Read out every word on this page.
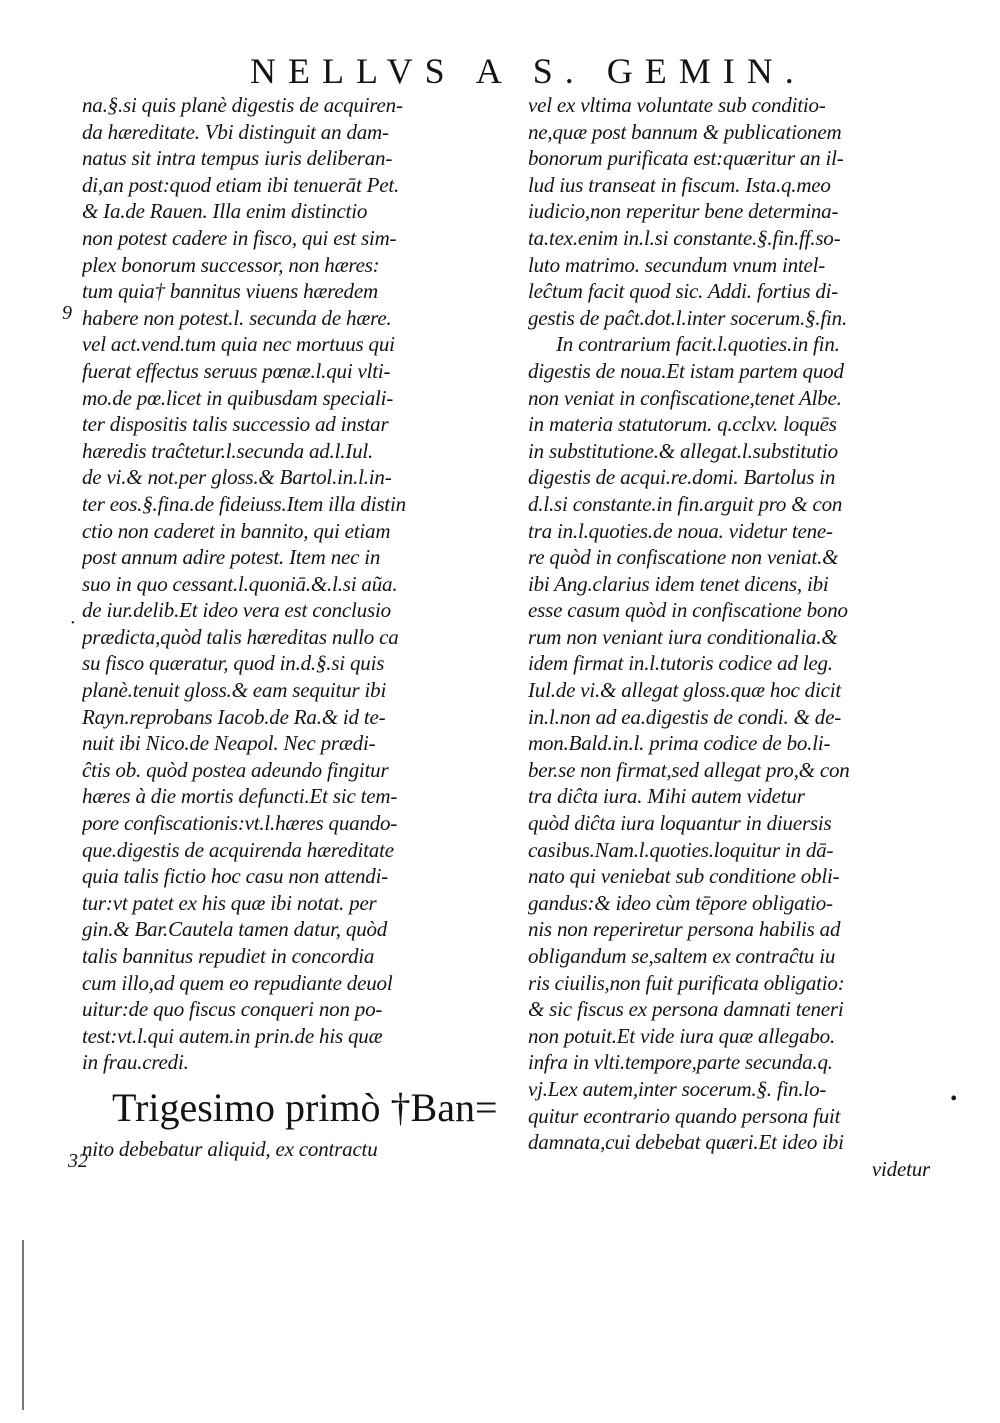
NELLVS A S. GEMIN.
9
·
32
•
na.§.si quis planè digestis de acquiren-
da hæreditate. Vbi distinguit an dam-
natus sit intra tempus iuris deliberan-
di,an post:quod etiam ibi tenuerāt Pet.
& Ia.de Rauen. Illa enim distinctio
non potest cadere in fisco, qui est sim-
plex bonorum successor, non hæres:
tum quia† bannitus viuens hæredem
habere non potest.l. secunda de hære.
vel act.vend.tum quia nec mortuus qui
fuerat effectus seruus pœnæ.l.qui vlti-
mo.de pœ.licet in quibusdam speciali-
ter dispositis talis successio ad instar
hæredis traĉtetur.l.secunda ad.l.Iul.
de vi.& not.per gloss.& Bartol.in.l.in-
ter eos.§.fina.de fideiuss.Item illa distin
ctio non caderet in bannito, qui etiam
post annum adire potest. Item nec in
suo in quo cessant.l.quoniā.&.l.si aũa.
de iur.delib.Et ideo vera est conclusio
prædicta,quòd talis hæreditas nullo ca
su fisco quæratur, quod in.d.§.si quis
planè.tenuit gloss.& eam sequitur ibi
Rayn.reprobans Iacob.de Ra.& id te-
nuit ibi Nico.de Neapol. Nec prædi-
ĉtis ob. quòd postea adeundo fingitur
hæres à die mortis defuncti.Et sic tem-
pore confiscationis:vt.l.hæres quando-
que.digestis de acquirenda hæreditate
quia talis fictio hoc casu non attendi-
tur:vt patet ex his quæ ibi notat. per
gin.& Bar.Cautela tamen datur, quòd
talis bannitus repudiet in concordia
cum illo,ad quem eo repudiante deuol
uitur:de quo fiscus conqueri non po-
test:vt.l.qui autem.in prin.de his quæ
in frau.credi.
Trigesimo primò †Ban=
nito debebatur aliquid, ex contractu
vel ex vltima voluntate sub conditio-
ne,quæ post bannum & publicationem
bonorum purificata est:quæritur an il-
lud ius transeat in fiscum. Ista.q.meo
iudicio,non reperitur bene determina-
ta.tex.enim in.l.si constante.§.fin.ff.so-
luto matrimo. secundum vnum intel-
leĉtum facit quod sic. Addi. fortius di-
gestis de paĉt.dot.l.inter socerum.§.fin.
In contrarium facit.l.quoties.in fin.
digestis de noua.Et istam partem quod
non veniat in confiscatione,tenet Albe.
in materia statutorum. q.cclxv. loquēs
in substitutione.& allegat.l.substitutio
digestis de acqui.re.domi. Bartolus in
d.l.si constante.in fin.arguit pro & con
tra in.l.quoties.de noua. videtur tene-
re quòd in confiscatione non veniat.&
ibi Ang.clarius idem tenet dicens, ibi
esse casum quòd in confiscatione bono
rum non veniant iura conditionalia.&
idem firmat in.l.tutoris codice ad leg.
Iul.de vi.& allegat gloss.quæ hoc dicit
in.l.non ad ea.digestis de condi. & de-
mon.Bald.in.l. prima codice de bo.li-
ber.se non firmat,sed allegat pro,& con
tra diĉta iura. Mihi autem videtur
quòd diĉta iura loquantur in diuersis
casibus.Nam.l.quoties.loquitur in dā-
nato qui veniebat sub conditione obli-
gandus:& ideo cùm tēpore obligatio-
nis non reperiretur persona habilis ad
obligandum se,saltem ex contraĉtu iu
ris ciuilis,non fuit purificata obligatio:
& sic fiscus ex persona damnati teneri
non potuit.Et vide iura quæ allegabo.
infra in vlti.tempore,parte secunda.q.
vj.Lex autem,inter socerum.§. fin.lo-
quitur econtrario quando persona fuit
damnata,cui debebat quæri.Et ideo ibi
videtur
